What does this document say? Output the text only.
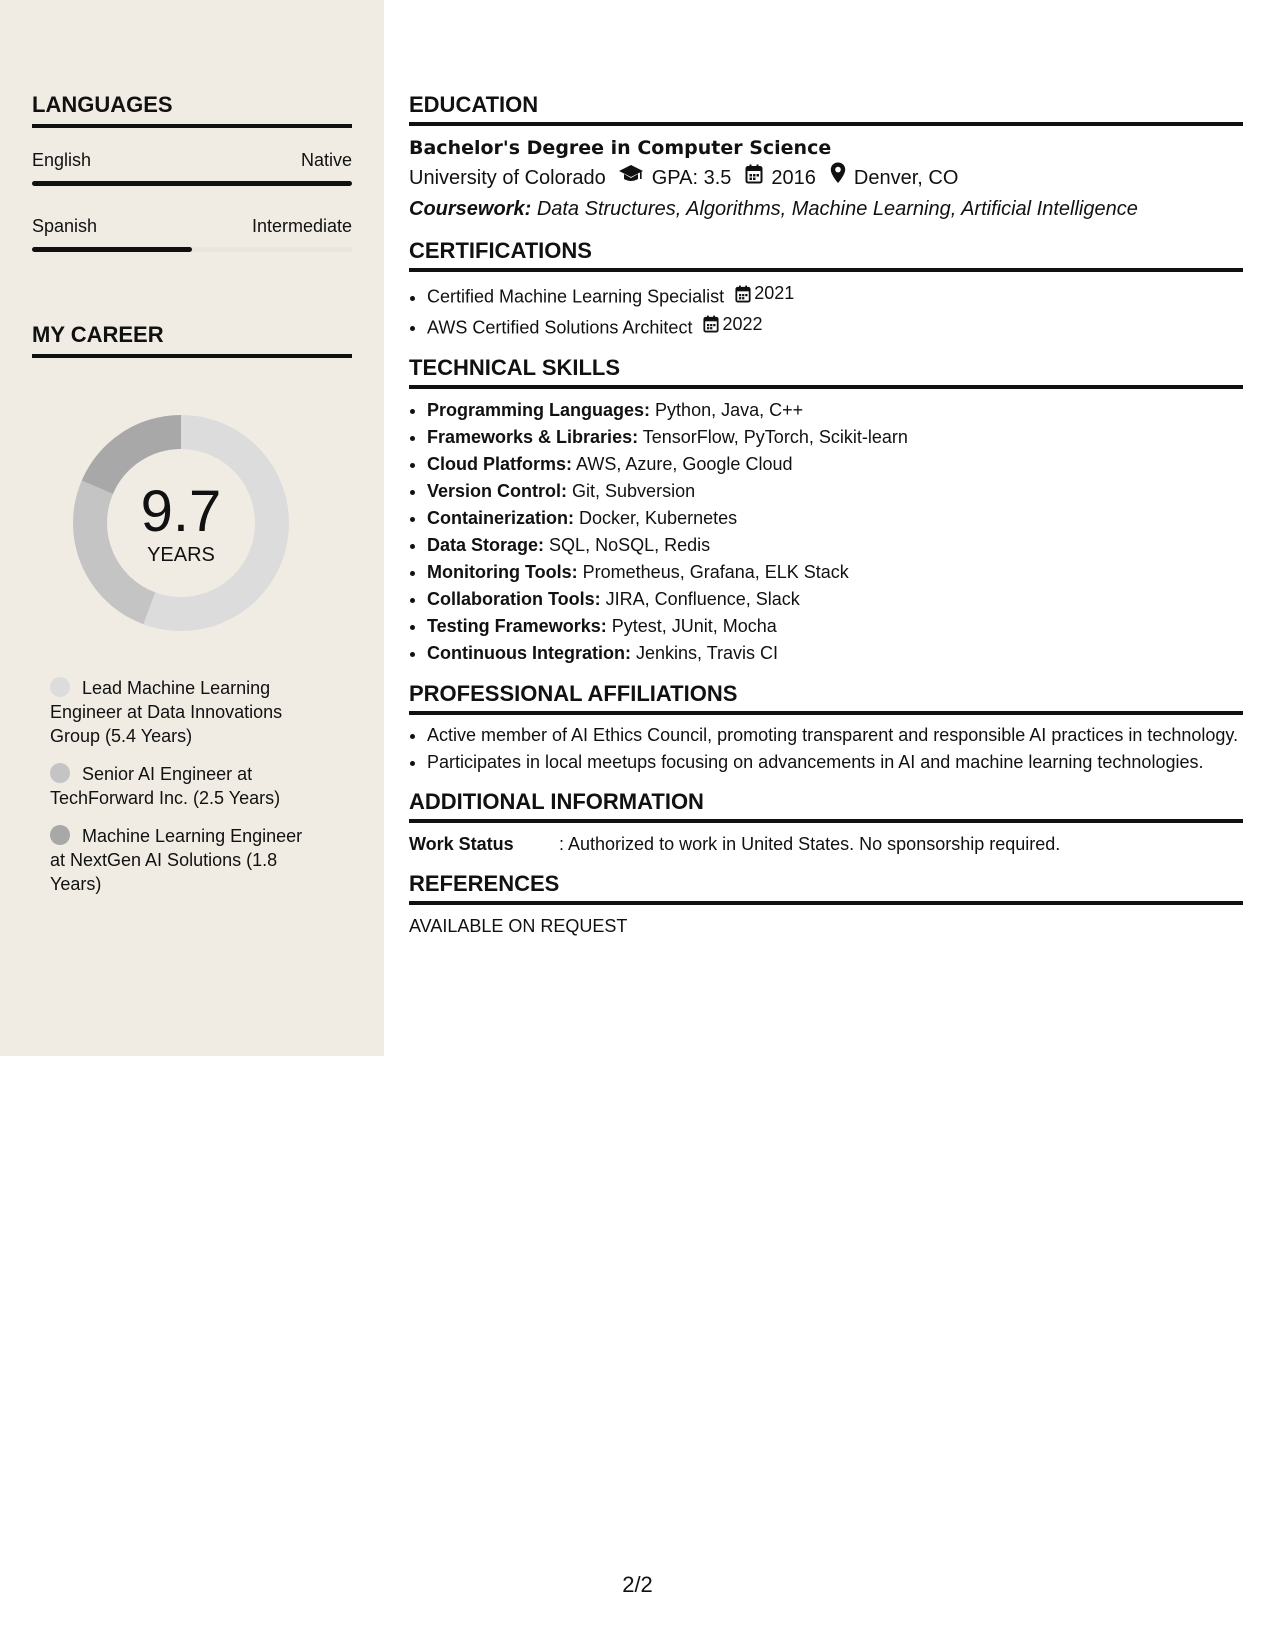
LANGUAGES
English	Native
Spanish	Intermediate
MY CAREER
9.7
YEARS
Lead Machine Learning Engineer at Data Innovations Group (5.4 Years)
Senior AI Engineer at TechForward Inc. (2.5 Years)
Machine Learning Engineer at NextGen AI Solutions (1.8 Years)
EDUCATION
Bachelor's Degree in Computer Science
University of Colorado GPA: 3.5 2016 Denver, CO
Coursework: Data Structures, Algorithms, Machine Learning, Artificial Intelligence
CERTIFICATIONS
• Certified Machine Learning Specialist 2021
• AWS Certified Solutions Architect 2022
TECHNICAL SKILLS
• Programming Languages: Python, Java, C++
• Frameworks & Libraries: TensorFlow, PyTorch, Scikit-learn
• Cloud Platforms: AWS, Azure, Google Cloud
• Version Control: Git, Subversion
• Containerization: Docker, Kubernetes
• Data Storage: SQL, NoSQL, Redis
• Monitoring Tools: Prometheus, Grafana, ELK Stack
• Collaboration Tools: JIRA, Confluence, Slack
• Testing Frameworks: Pytest, JUnit, Mocha
• Continuous Integration: Jenkins, Travis CI
PROFESSIONAL AFFILIATIONS
• Active member of AI Ethics Council, promoting transparent and responsible AI practices in technology.
• Participates in local meetups focusing on advancements in AI and machine learning technologies.
ADDITIONAL INFORMATION
Work Status	: Authorized to work in United States. No sponsorship required.
REFERENCES
AVAILABLE ON REQUEST
2/2
